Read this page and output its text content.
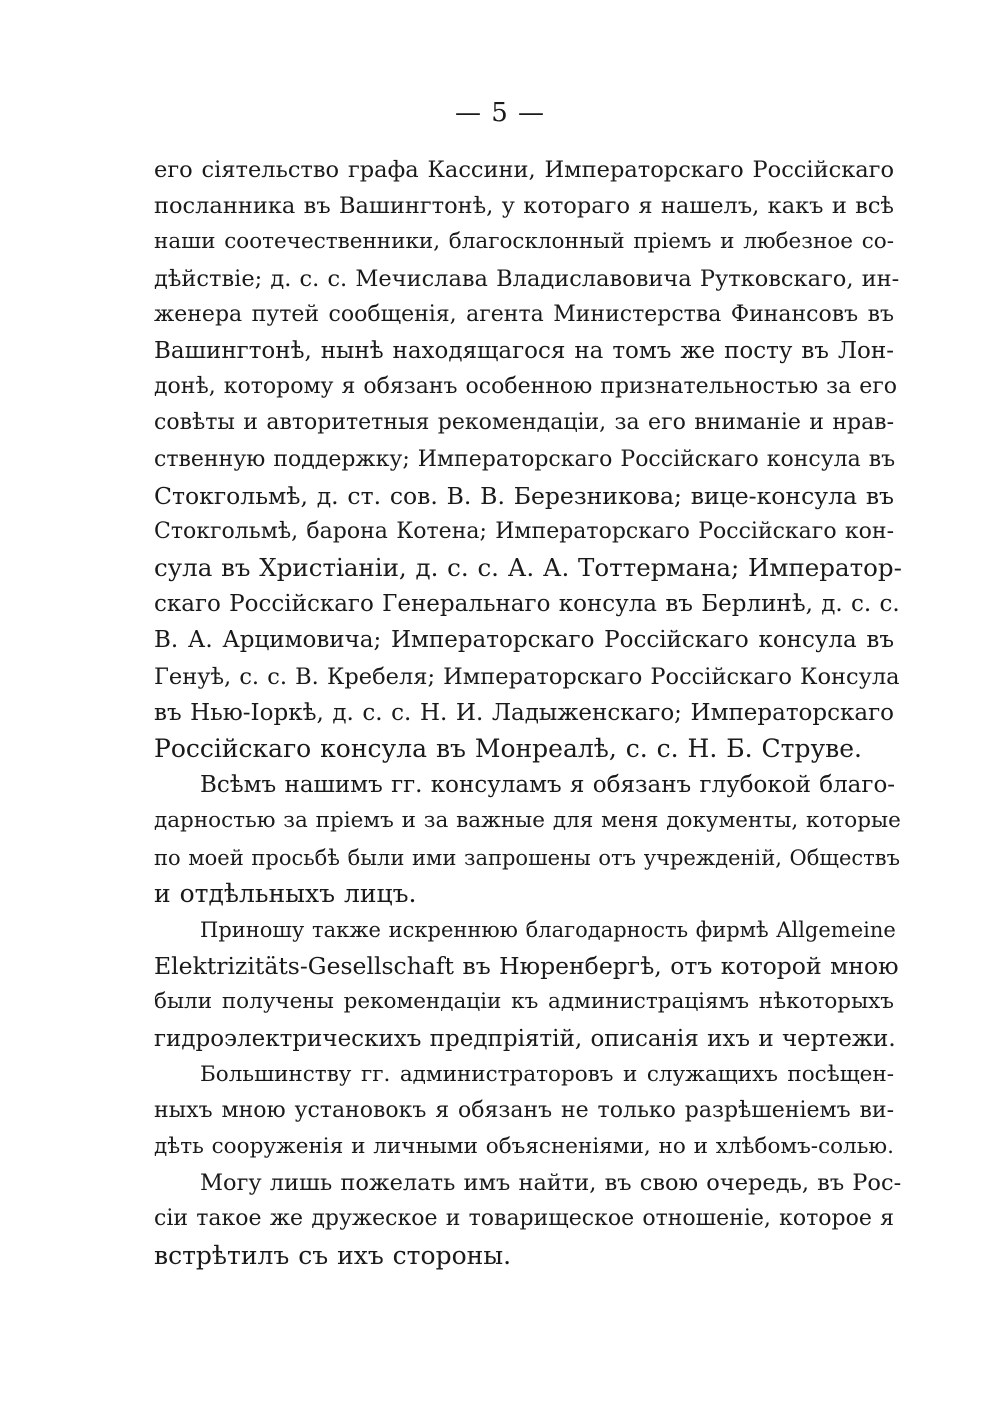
— 5 —
его сіятельство графа Кассини, Императорскаго Россійскаго
посланника въ Вашингтонѣ, у котораго я нашелъ, какъ и всѣ
наши соотечественники, благосклонный пріемъ и любезное со-
дѣйствіе; д. с. с. Мечислава Владиславовича Рутковскаго, ин-
женера путей сообщенія, агента Министерства Финансовъ въ
Вашингтонѣ, нынѣ находящагося на томъ же посту въ Лон-
донѣ, которому я обязанъ особенною признательностью за его
совѣты и авторитетныя рекомендаціи, за его вниманіе и нрав-
ственную поддержку; Императорскаго Россійскаго консула въ
Стокгольмѣ, д. ст. сов. В. В. Березникова; вице-консула въ
Стокгольмѣ, барона Котена; Императорскаго Россійскаго кон-
сула въ Христіаніи, д. с. с. А. А. Тоттермана; Император-
скаго Россійскаго Генеральнаго консула въ Берлинѣ, д. с. с.
В. А. Арцимовича; Императорскаго Россійскаго консула въ
Генуѣ, с. с. В. Кребеля; Императорскаго Россійскаго Консула
въ Нью-Іоркѣ, д. с. с. Н. И. Ладыженскаго; Императорскаго
Россійскаго консула въ Монреалѣ, с. с. Н. Б. Струве.
Всѣмъ нашимъ гг. консуламъ я обязанъ глубокой благо-
дарностью за пріемъ и за важные для меня документы, которые
по моей просьбѣ были ими запрошены отъ учрежденій, Обществъ
и отдѣльныхъ лицъ.
Приношу также искреннюю благодарность фирмѣ Allgemeine
Elektrizitäts-Gesellschaft въ Нюренбергѣ, отъ которой мною
были получены рекомендаціи къ администраціямъ нѣкоторыхъ
гидроэлектрическихъ предпріятій, описанія ихъ и чертежи.
Большинству гг. администраторовъ и служащихъ посѣщен-
ныхъ мною установокъ я обязанъ не только разрѣшеніемъ ви-
дѣть сооруженія и личными объясненіями, но и хлѣбомъ-солью.
Могу лишь пожелать имъ найти, въ свою очередь, въ Рос-
сіи такое же дружеское и товарищеское отношеніе, которое я
встрѣтилъ съ ихъ стороны.
